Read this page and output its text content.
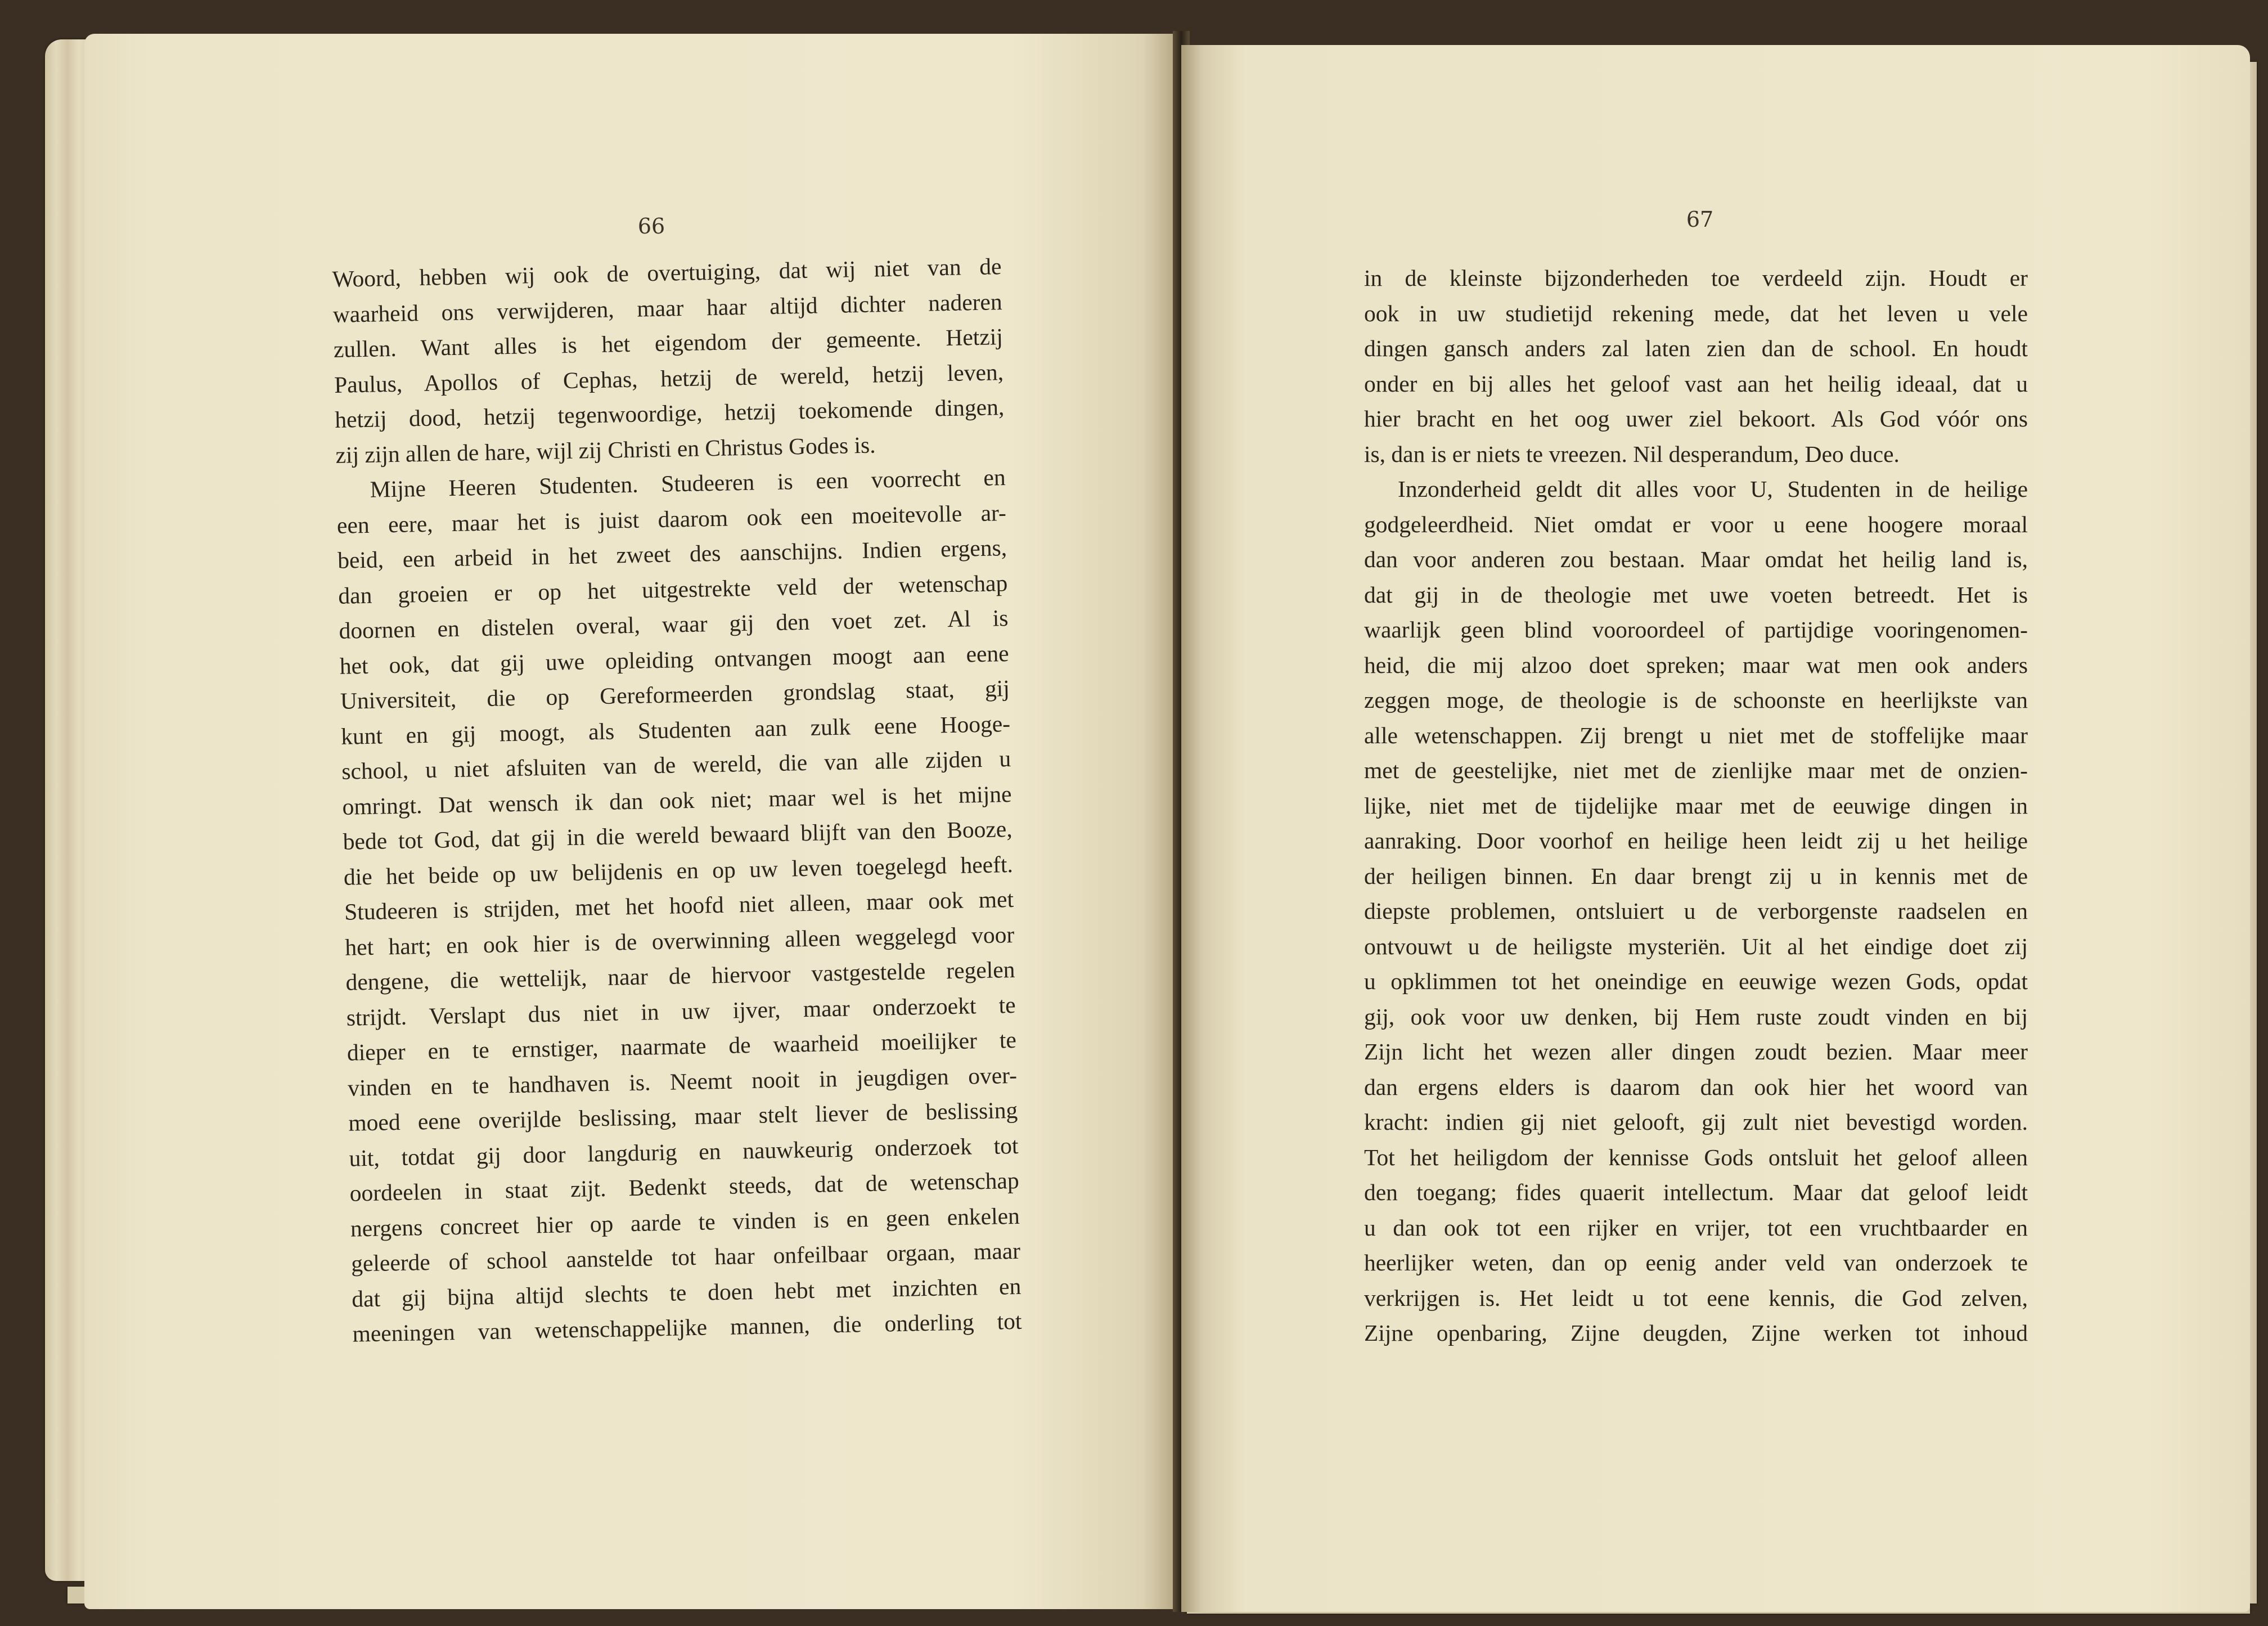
66	67
Woord, hebben wij ook de overtuiging, dat wij niet van de
waarheid ons verwijderen, maar haar altijd dichter naderen
zullen. Want alles is het eigendom der gemeente. Hetzij
Paulus, Apollos of Cephas, hetzij de wereld, hetzij leven,
hetzij dood, hetzij tegenwoordige, hetzij toekomende dingen,
zij zijn allen de hare, wijl zij Christi en Christus Godes is.
Mijne Heeren Studenten. Studeeren is een voorrecht en
een eere, maar het is juist daarom ook een moeitevolle ar-
beid, een arbeid in het zweet des aanschijns. Indien ergens,
dan groeien er op het uitgestrekte veld der wetenschap
doornen en distelen overal, waar gij den voet zet. Al is
het ook, dat gij uwe opleiding ontvangen moogt aan eene
Universiteit, die op Gereformeerden grondslag staat, gij
kunt en gij moogt, als Studenten aan zulk eene Hooge-
school, u niet afsluiten van de wereld, die van alle zijden u
omringt. Dat wensch ik dan ook niet; maar wel is het mijne
bede tot God, dat gij in die wereld bewaard blijft van den Booze,
die het beide op uw belijdenis en op uw leven toegelegd heeft.
Studeeren is strijden, met het hoofd niet alleen, maar ook met
het hart; en ook hier is de overwinning alleen weggelegd voor
dengene, die wettelijk, naar de hiervoor vastgestelde regelen
strijdt. Verslapt dus niet in uw ijver, maar onderzoekt te
dieper en te ernstiger, naarmate de waarheid moeilijker te
vinden en te handhaven is. Neemt nooit in jeugdigen over-
moed eene overijlde beslissing, maar stelt liever de beslissing
uit, totdat gij door langdurig en nauwkeurig onderzoek tot
oordeelen in staat zijt. Bedenkt steeds, dat de wetenschap
nergens concreet hier op aarde te vinden is en geen enkelen
geleerde of school aanstelde tot haar onfeilbaar orgaan, maar
dat gij bijna altijd slechts te doen hebt met inzichten en
meeningen van wetenschappelijke mannen, die onderling tot
in de kleinste bijzonderheden toe verdeeld zijn. Houdt er
ook in uw studietijd rekening mede, dat het leven u vele
dingen gansch anders zal laten zien dan de school. En houdt
onder en bij alles het geloof vast aan het heilig ideaal, dat u
hier bracht en het oog uwer ziel bekoort. Als God vóór ons
is, dan is er niets te vreezen. Nil desperandum, Deo duce.
Inzonderheid geldt dit alles voor U, Studenten in de heilige
godgeleerdheid. Niet omdat er voor u eene hoogere moraal
dan voor anderen zou bestaan. Maar omdat het heilig land is,
dat gij in de theologie met uwe voeten betreedt. Het is
waarlijk geen blind vooroordeel of partijdige vooringenomen-
heid, die mij alzoo doet spreken; maar wat men ook anders
zeggen moge, de theologie is de schoonste en heerlijkste van
alle wetenschappen. Zij brengt u niet met de stoffelijke maar
met de geestelijke, niet met de zienlijke maar met de onzien-
lijke, niet met de tijdelijke maar met de eeuwige dingen in
aanraking. Door voorhof en heilige heen leidt zij u het heilige
der heiligen binnen. En daar brengt zij u in kennis met de
diepste problemen, ontsluiert u de verborgenste raadselen en
ontvouwt u de heiligste mysteriën. Uit al het eindige doet zij
u opklimmen tot het oneindige en eeuwige wezen Gods, opdat
gij, ook voor uw denken, bij Hem ruste zoudt vinden en bij
Zijn licht het wezen aller dingen zoudt bezien. Maar meer
dan ergens elders is daarom dan ook hier het woord van
kracht: indien gij niet gelooft, gij zult niet bevestigd worden.
Tot het heiligdom der kennisse Gods ontsluit het geloof alleen
den toegang; fides quaerit intellectum. Maar dat geloof leidt
u dan ook tot een rijker en vrijer, tot een vruchtbaarder en
heerlijker weten, dan op eenig ander veld van onderzoek te
verkrijgen is. Het leidt u tot eene kennis, die God zelven,
Zijne openbaring, Zijne deugden, Zijne werken tot inhoud
